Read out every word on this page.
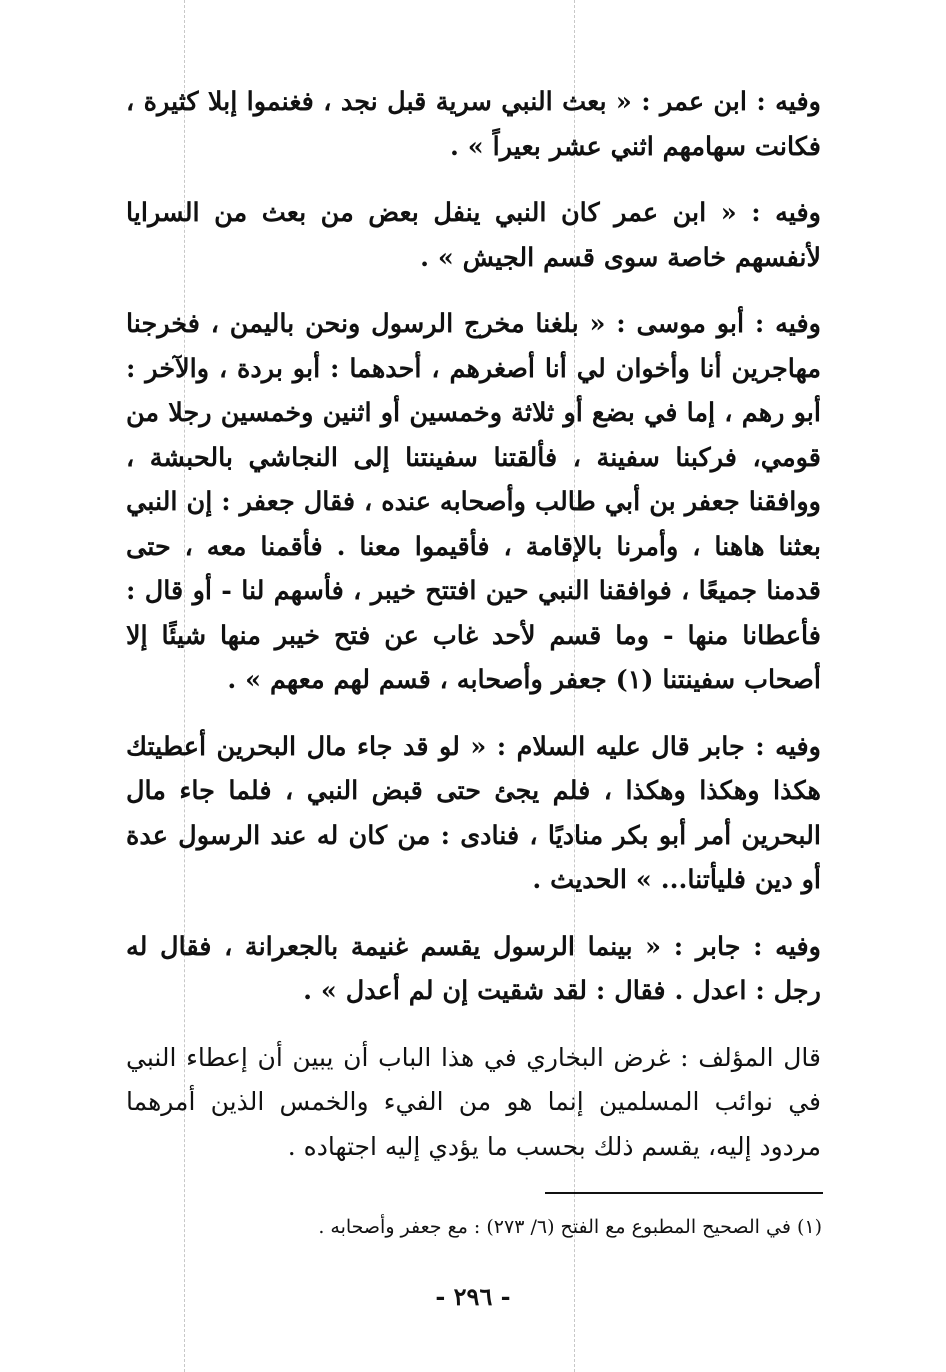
وفيه : ابن عمر : « بعث النبي سرية قبل نجد ، فغنموا إبلا كثيرة ، فكانت سهامهم اثني عشر بعيراً » .

وفيه : « ابن عمر كان النبي ينفل بعض من بعث من السرايا لأنفسهم خاصة سوى قسم الجيش » .

وفيه : أبو موسى : « بلغنا مخرج الرسول ونحن باليمن ، فخرجنا مهاجرين أنا وأخوان لي أنا أصغرهم ، أحدهما : أبو بردة ، والآخر : أبو رهم ، إما في بضع أو ثلاثة وخمسين أو اثنين وخمسين رجلا من قومي، فركبنا سفينة ، فألقتنا سفينتنا إلى النجاشي بالحبشة ، ووافقنا جعفر بن أبي طالب وأصحابه عنده ، فقال جعفر : إن النبي بعثنا هاهنا ، وأمرنا بالإقامة ، فأقيموا معنا . فأقمنا معه ، حتى قدمنا جميعًا ، فوافقنا النبي حين افتتح خيبر ، فأسهم لنا - أو قال : فأعطانا منها - وما قسم لأحد غاب عن فتح خيبر منها شيئًا إلا أصحاب سفينتنا (١) جعفر وأصحابه ، قسم لهم معهم » .

وفيه : جابر قال عليه السلام : « لو قد جاء مال البحرين أعطيتك هكذا وهكذا وهكذا ، فلم يجئ حتى قبض النبي ، فلما جاء مال البحرين أمر أبو بكر مناديًا ، فنادى : من كان له عند الرسول عدة أو دين فليأتنا... » الحديث .

وفيه : جابر : « بينما الرسول يقسم غنيمة بالجعرانة ، فقال له رجل : اعدل . فقال : لقد شقيت إن لم أعدل » .

قال المؤلف : غرض البخاري في هذا الباب أن يبين أن إعطاء النبي في نوائب المسلمين إنما هو من الفيء والخمس الذين أمرهما مردود إليه، يقسم ذلك بحسب ما يؤدي إليه اجتهاده .

(١) في الصحيح المطبوع مع الفتح (٦/ ٢٧٣) : مع جعفر وأصحابه .
- ٢٩٦ -
